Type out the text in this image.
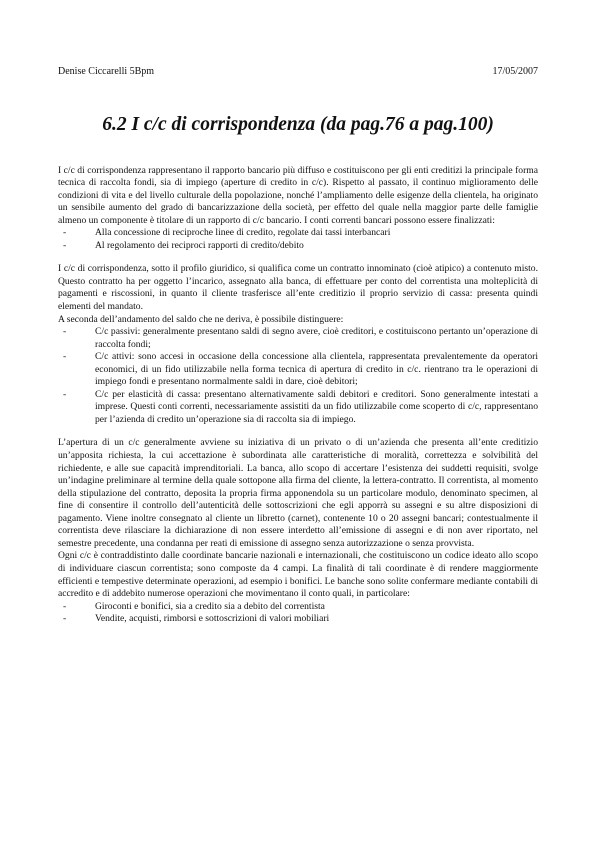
Denise Ciccarelli 5Bpm	17/05/2007
6.2 I c/c di corrispondenza (da pag.76 a pag.100)

I c/c di corrispondenza rappresentano il rapporto bancario più diffuso e costituiscono per gli enti creditizi la principale forma tecnica di raccolta fondi, sia di impiego (aperture di credito in c/c). Rispetto al passato, il continuo miglioramento delle condizioni di vita e del livello culturale della popolazione, nonché l’ampliamento delle esigenze della clientela, ha originato un sensibile aumento del grado di bancarizzazione della società, per effetto del quale nella maggior parte delle famiglie almeno un componente è titolare di un rapporto di c/c bancario. I conti correnti bancari possono essere finalizzati:

- Alla concessione di reciproche linee di credito, regolate dai tassi interbancari
- Al regolamento dei reciproci rapporti di credito/debito

I c/c di corrispondenza, sotto il profilo giuridico, si qualifica come un contratto innominato (cioè atipico) a contenuto misto. Questo contratto ha per oggetto l’incarico, assegnato alla banca, di effettuare per conto del correntista una molteplicità di pagamenti e riscossioni, in quanto il cliente trasferisce all’ente creditizio il proprio servizio di cassa: presenta quindi elementi del mandato.

A seconda dell’andamento del saldo che ne deriva, è possibile distinguere:

- C/c passivi: generalmente presentano saldi di segno avere, cioè creditori, e costituiscono pertanto un’operazione di raccolta fondi;
- C/c attivi: sono accesi in occasione della concessione alla clientela, rappresentata prevalentemente da operatori economici, di un fido utilizzabile nella forma tecnica di apertura di credito in c/c. rientrano tra le operazioni di impiego fondi e presentano normalmente saldi in dare, cioè debitori;
- C/c per elasticità di cassa: presentano alternativamente saldi debitori e creditori. Sono generalmente intestati a imprese. Questi conti correnti, necessariamente assistiti da un fido utilizzabile come scoperto di c/c, rappresentano per l’azienda di credito un’operazione sia di raccolta sia di impiego.

L’apertura di un c/c generalmente avviene su iniziativa di un privato o di un’azienda che presenta all’ente creditizio un’apposita richiesta, la cui accettazione è subordinata alle caratteristiche di moralità, correttezza e solvibilità del richiedente, e alle sue capacità imprenditoriali. La banca, allo scopo di accertare l’esistenza dei suddetti requisiti, svolge un’indagine preliminare al termine della quale sottopone alla firma del cliente, la lettera-contratto. Il correntista, al momento della stipulazione del contratto, deposita la propria firma apponendola su un particolare modulo, denominato specimen, al fine di consentire il controllo dell’autenticità delle sottoscrizioni che egli apporrà su assegni e su altre disposizioni di pagamento. Viene inoltre consegnato al cliente un libretto (carnet), contenente 10 o 20 assegni bancari; contestualmente il correntista deve rilasciare la dichiarazione di non essere interdetto all’emissione di assegni e di non aver riportato, nel semestre precedente, una condanna per reati di emissione di assegno senza autorizzazione o senza provvista.

Ogni c/c è contraddistinto dalle coordinate bancarie nazionali e internazionali, che costituiscono un codice ideato allo scopo di individuare ciascun correntista; sono composte da 4 campi. La finalità di tali coordinate è di rendere maggiormente efficienti e tempestive determinate operazioni, ad esempio i bonifici. Le banche sono solite confermare mediante contabili di accredito e di addebito numerose operazioni che movimentano il conto quali, in particolare:

- Giroconti e bonifici, sia a credito sia a debito del correntista
- Vendite, acquisti, rimborsi e sottoscrizioni di valori mobiliari
